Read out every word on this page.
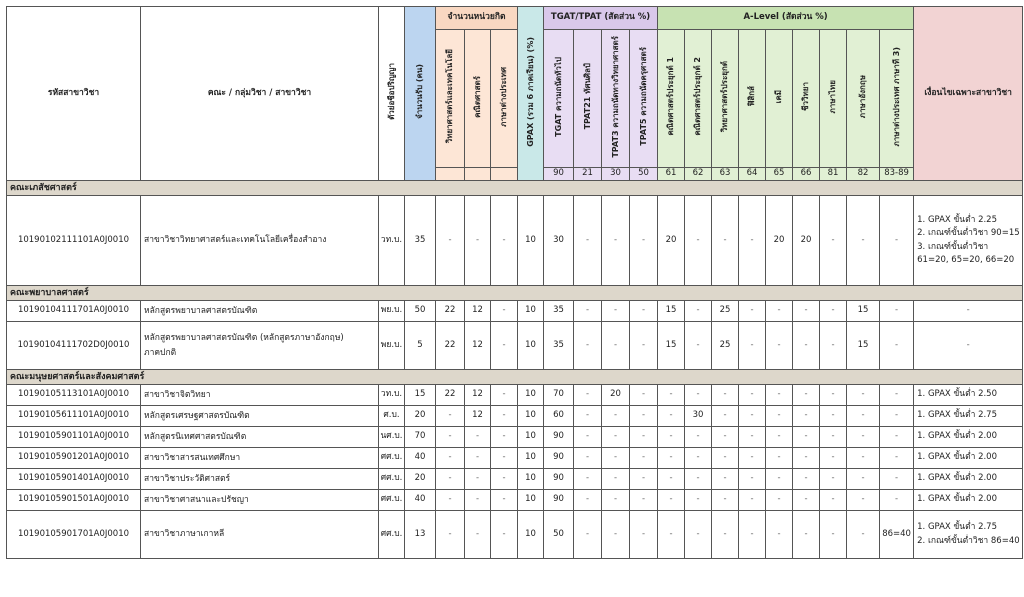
รหัสสาขาวิชา	คณะ / กลุ่มวิชา / สาขาวิชา	ตัวย่อชื่อปริญญา	จำนวนรับ (คน)	จำนวนหน่วยกิต			GPAX (รวม 6 ภาคเรียน) (%)	TGAT/TPAT (สัดส่วน %)				A-Level (สัดส่วน %)									เงื่อนไขเฉพาะสาขาวิชา
				วิทยาศาสตร์และเทคโนโลยี	คณิตศาสตร์	ภาษาต่างประเทศ		TGAT ความถนัดทั่วไป	TPAT21 ทัศนศิลป์	TPAT3 ความถนัดทางวิทยาศาสตร์	TPAT5 ความถนัดครุศาสตร์	คณิตศาสตร์ประยุกต์ 1	คณิตศาสตร์ประยุกต์ 2	วิทยาศาสตร์ประยุกต์	ฟิสิกส์	เคมี	ชีววิทยา	ภาษาไทย	ภาษาอังกฤษ	ภาษาต่างประเทศ ภาษาที่ 3)	
								90	21	30	50	61	62	63	64	65	66	81	82	83-89	
คณะเภสัชศาสตร์																					
10190102111101A0J0010	สาขาวิชาวิทยาศาสตร์และเทคโนโลยีเครื่องสำอาง	วท.บ.	35	-	-	-	10	30	-	-	-	20	-	-	-	20	20	-	-	-	1. GPAX ขั้นต่ำ 2.25
2. เกณฑ์ขั้นต่ำวิชา 90=15
3. เกณฑ์ขั้นต่ำวิชา 61=20, 65=20, 66=20

คณะพยาบาลศาสตร์																					
10190104111701A0J0010	หลักสูตรพยาบาลศาสตรบัณฑิต	พย.บ.	50	22	12	-	10	35	-	-	-	15	-	25	-	-	-	-	15	-	-

10190104111702D0J0010	หลักสูตรพยาบาลศาสตรบัณฑิต (หลักสูตรภาษาอังกฤษ)
ภาคปกติ	พย.บ.	5	22	12	-	10	35	-	-	-	15	-	25	-	-	-	-	15	-	-

คณะมนุษยศาสตร์และสังคมศาสตร์																					
10190105113101A0J0010	สาขาวิชาจิตวิทยา	วท.บ.	15	22	12	-	10	70	-	20	-	-	-	-	-	-	-	-	-	-	1. GPAX ขั้นต่ำ 2.50

10190105611101A0J0010	หลักสูตรเศรษฐศาสตรบัณฑิต	ศ.บ.	20	-	12	-	10	60	-	-	-	-	30	-	-	-	-	-	-	-	1. GPAX ขั้นต่ำ 2.75

10190105901101A0J0010	หลักสูตรนิเทศศาสตรบัณฑิต	นศ.บ.	70	-	-	-	10	90	-	-	-	-	-	-	-	-	-	-	-	-	1. GPAX ขั้นต่ำ 2.00

10190105901201A0J0010	สาขาวิชาสารสนเทศศึกษา	ศศ.บ.	40	-	-	-	10	90	-	-	-	-	-	-	-	-	-	-	-	-	1. GPAX ขั้นต่ำ 2.00

10190105901401A0J0010	สาขาวิชาประวัติศาสตร์	ศศ.บ.	20	-	-	-	10	90	-	-	-	-	-	-	-	-	-	-	-	-	1. GPAX ขั้นต่ำ 2.00

10190105901501A0J0010	สาขาวิชาศาสนาและปรัชญา	ศศ.บ.	40	-	-	-	10	90	-	-	-	-	-	-	-	-	-	-	-	-	1. GPAX ขั้นต่ำ 2.00

10190105901701A0J0010	สาขาวิชาภาษาเกาหลี	ศศ.บ.	13	-	-	-	10	50	-	-	-	-	-	-	-	-	-	-	-	86=40	1. GPAX ขั้นต่ำ 2.75
2. เกณฑ์ขั้นต่ำวิชา 86=40
